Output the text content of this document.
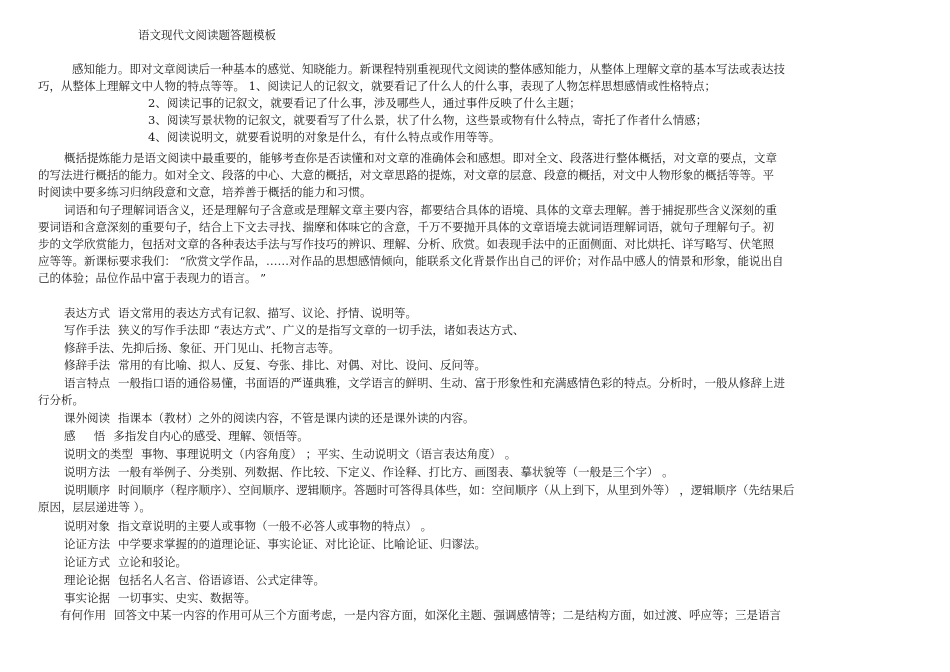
语文现代文阅读题答题模板
感知能力。即对文章阅读后一种基本的感觉、知晓能力。新课程特别重视现代文阅读的整体感知能力，从整体上理解文章的基本写法或表达技
巧，从整体上理解文中人物的特点等等。 1、阅读记人的记叙文，就要看记了什么人的什么事，表现了人物怎样思想感情或性格特点；
2、阅读记事的记叙文，就要看记了什么事，涉及哪些人，通过事件反映了什么主题；
3、阅读写景状物的记叙文，就要看写了什么景，状了什么物，这些景或物有什么特点，寄托了作者什么情感；
4、阅读说明文，就要看说明的对象是什么，有什么特点或作用等等。
概括提炼能力是语文阅读中最重要的，能够考查你是否读懂和对文章的准确体会和感想。即对全文、段落进行整体概括，对文章的要点，文章
的写法进行概括的能力。如对全文、段落的中心、大意的概括，对文章思路的提炼，对文章的层意、段意的概括，对文中人物形象的概括等等。平
时阅读中要多练习归纳段意和文意，培养善于概括的能力和习惯。
词语和句子理解词语含义，还是理解句子含意或是理解文章主要内容，都要结合具体的语境、具体的文章去理解。善于捕捉那些含义深刻的重
要词语和含意深刻的重要句子，结合上下文去寻找、揣摩和体味它的含意，千万不要抛开具体的文章语境去就词语理解词语，就句子理解句子。初
步的文学欣赏能力，包括对文章的各种表达手法与写作技巧的辨识、理解、分析、欣赏。如表现手法中的正面侧面、对比烘托、详写略写、伏笔照
应等等。新课标要求我们： “欣赏文学作品，……对作品的思想感情倾向，能联系文化背景作出自己的评价；对作品中感人的情景和形象，能说出自
己的体验；品位作品中富于表现力的语言。 ”
表达方式 语文常用的表达方式有记叙、描写、议论、抒情、说明等。
写作手法 狭义的写作手法即 “表达方式”、广义的是指写文章的一切手法，诸如表达方式、
修辞手法、先抑后扬、象征、开门见山、托物言志等。
修辞手法 常用的有比喻、拟人、反复、夸张、排比、对偶、对比、设问、反问等。
语言特点 一般指口语的通俗易懂，书面语的严谨典雅，文学语言的鲜明、生动、富于形象性和充满感情色彩的特点。分析时，一般从修辞上进
行分析。
课外阅读 指课本（教材）之外的阅读内容，不管是课内读的还是课外读的内容。
感     悟 多指发自内心的感受、理解、领悟等。
说明文的类型 事物、事理说明文（内容角度） ；平实、生动说明文（语言表达角度） 。
说明方法 一般有举例子、分类别、列数据、作比较、下定义、作诠释、打比方、画图表、摹状貌等（一般是三个字） 。
说明顺序 时间顺序（程序顺序）、空间顺序、逻辑顺序。答题时可答得具体些，如：空间顺序（从上到下，从里到外等） ，逻辑顺序（先结果后
原因，层层递进等 ）。
说明对象 指文章说明的主要人或事物（一般不必答人或事物的特点） 。
论证方法 中学要求掌握的的道理论证、事实论证、对比论证、比喻论证、归谬法。
论证方式 立论和驳论。
理论论据 包括名人名言、俗语谚语、公式定律等。
事实论据 一切事实、史实、数据等。
有何作用 回答文中某一内容的作用可从三个方面考虑，一是内容方面，如深化主题、强调感情等；二是结构方面，如过渡、呼应等；三是语言
